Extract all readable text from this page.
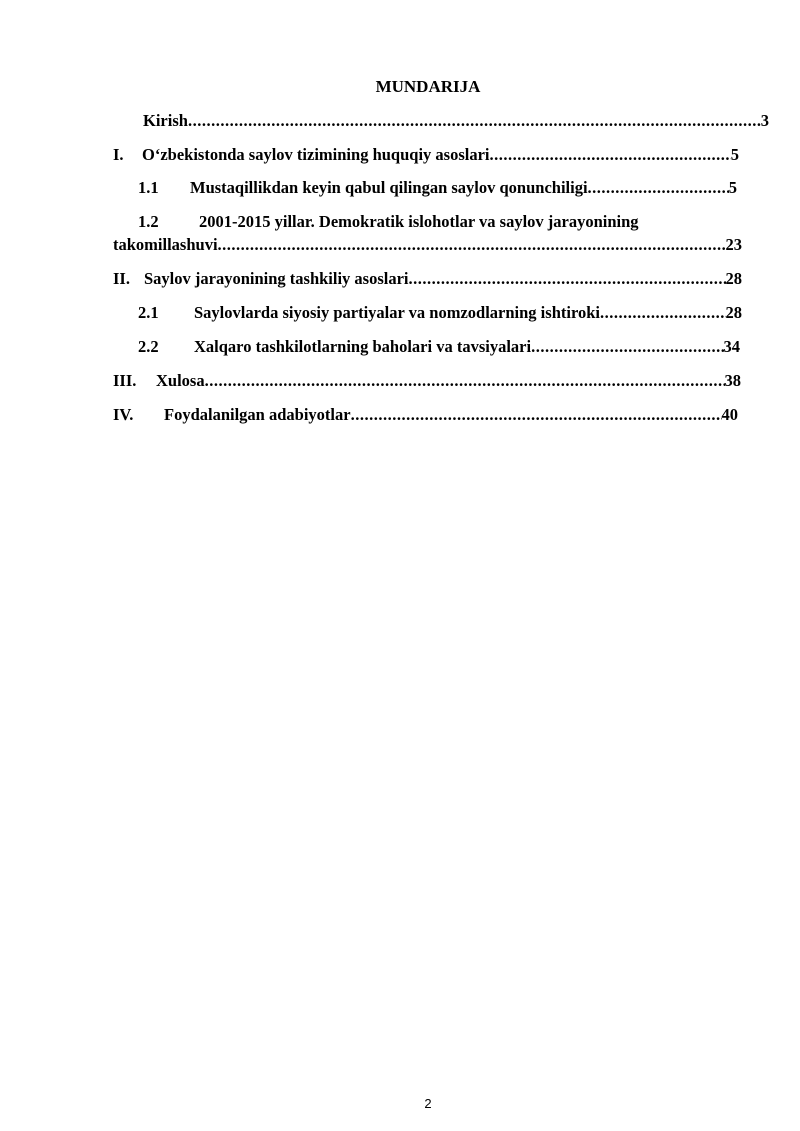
MUNDARIJA
Kirish .....	3
I.	O‘zbekistonda saylov tizimining huquqiy asoslari .....	5
1.1	Mustaqillikdan keyin qabul qilingan saylov qonunchiligi .....	5
1.2 2001-2015 yillar. Demokratik islohotlar va saylov jarayonining
takomillashuvi .....	23
II. Saylov jarayonining tashkiliy asoslari .....	28
2.1	Saylovlarda siyosiy partiyalar va nomzodlarning ishtiroki .....	28
2.2	Xalqaro tashkilotlarning baholari va tavsiyalari .....	34
III.	Xulosa .....	38
IV.	Foydalanilgan adabiyotlar .....	40
2
